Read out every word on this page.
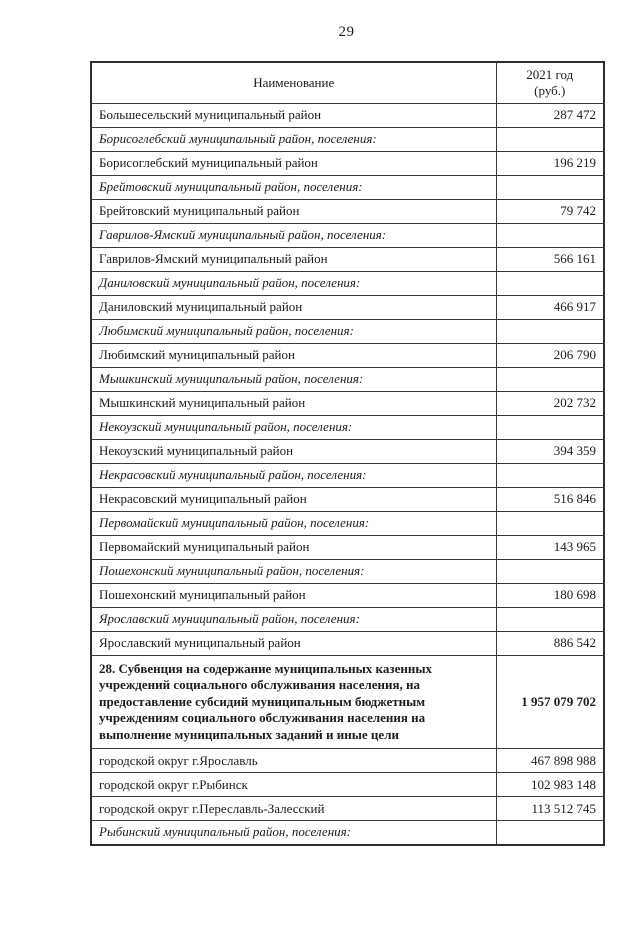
29
Наименование	2021 год
(руб.)

Большесельский муниципальный район	287 472
Борисоглебский муниципальный район, поселения:	
Борисоглебский муниципальный район	196 219
Брейтовский муниципальный район, поселения:	
Брейтовский муниципальный район	79 742
Гаврилов-Ямский муниципальный район, поселения:	
Гаврилов-Ямский муниципальный район	566 161
Даниловский муниципальный район, поселения:	
Даниловский муниципальный район	466 917
Любимский муниципальный район, поселения:	
Любимский муниципальный район	206 790
Мышкинский муниципальный район, поселения:	
Мышкинский муниципальный район	202 732
Некоузский муниципальный район, поселения:	
Некоузский муниципальный район	394 359
Некрасовский муниципальный район, поселения:	
Некрасовский муниципальный район	516 846
Первомайский муниципальный район, поселения:	
Первомайский муниципальный район	143 965
Пошехонский муниципальный район, поселения:	
Пошехонский муниципальный район	180 698
Ярославский муниципальный район, поселения:	
Ярославский муниципальный район	886 542
28. Субвенция на содержание муниципальных казенных учреждений социального обслуживания населения, на предоставление субсидий муниципальным бюджетным учреждениям социального обслуживания населения на выполнение муниципальных заданий и иные цели	1 957 079 702
городской округ г.Ярославль	467 898 988
городской округ г.Рыбинск	102 983 148
городской округ г.Переславль-Залесский	113 512 745
Рыбинский муниципальный район, поселения:	
